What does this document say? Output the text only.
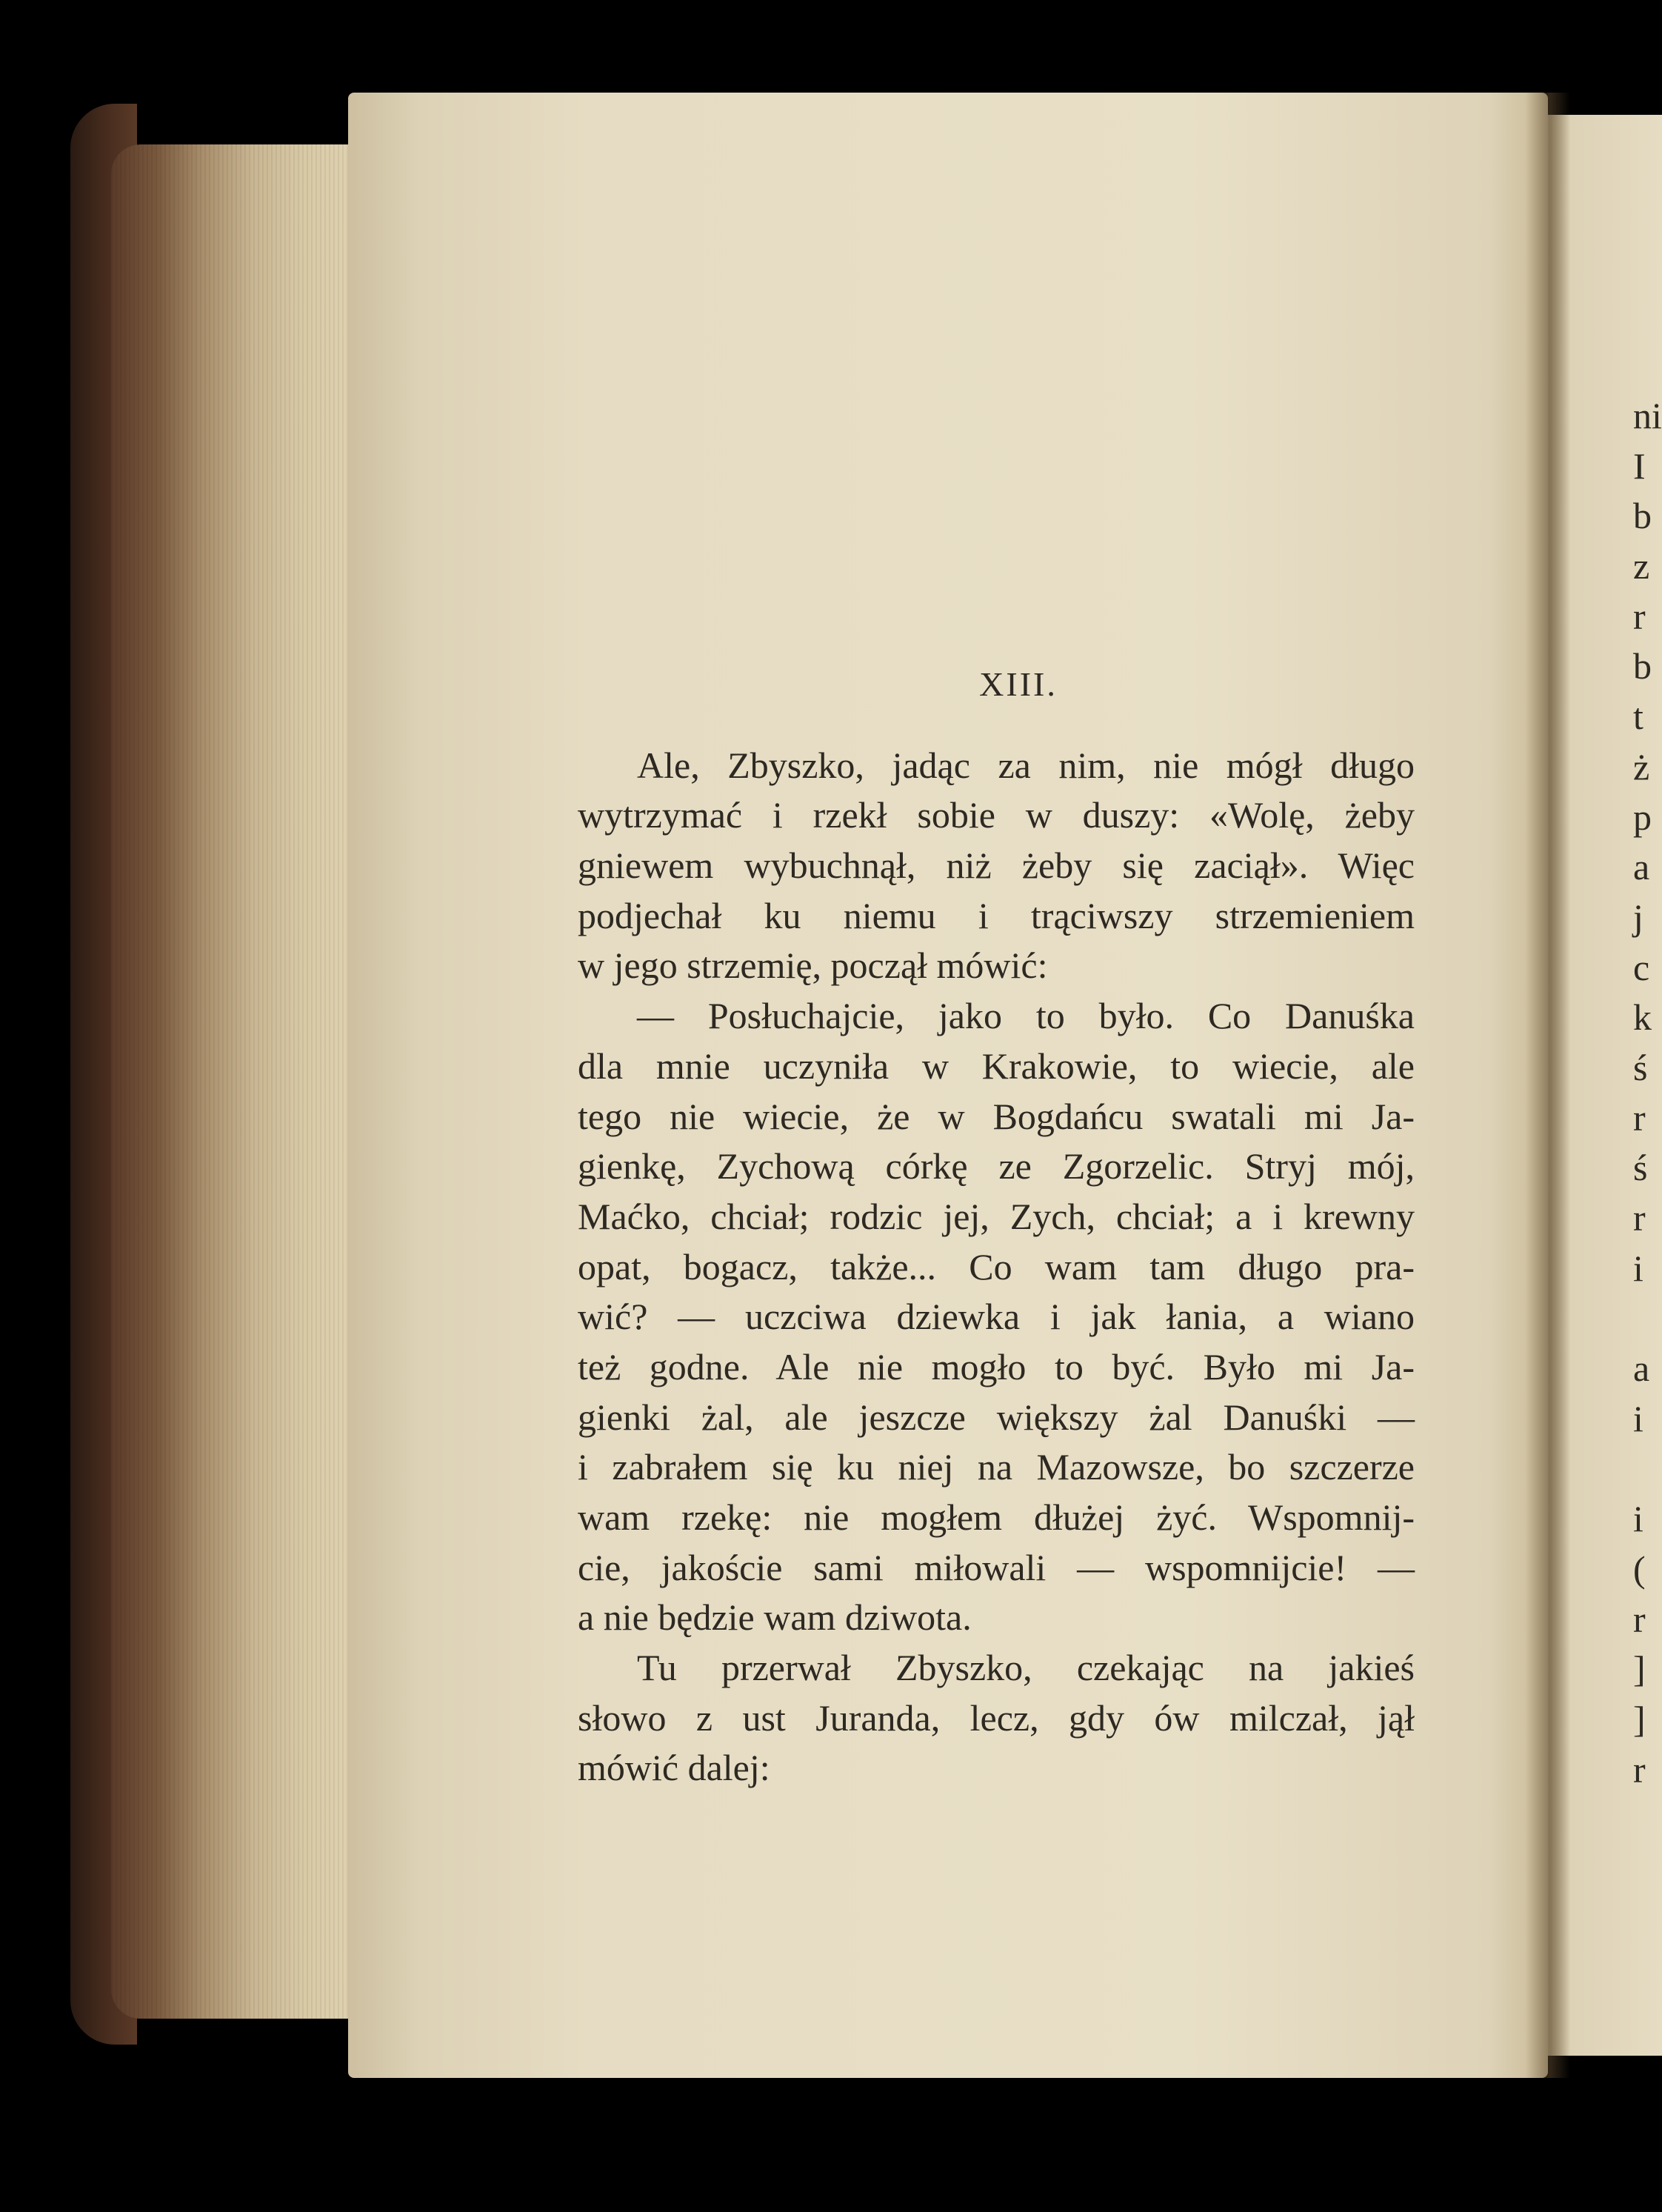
XIII.
Ale, Zbyszko, jadąc za nim, nie mógł długo
wytrzymać i rzekł sobie w duszy: «Wolę, żeby
gniewem wybuchnął, niż żeby się zaciął». Więc
podjechał ku niemu i trąciwszy strzemieniem
w jego strzemię, począł mówić:
— Posłuchajcie, jako to było. Co Danuśka
dla mnie uczyniła w Krakowie, to wiecie, ale
tego nie wiecie, że w Bogdańcu swatali mi Ja-
gienkę, Zychową córkę ze Zgorzelic. Stryj mój,
Maćko, chciał; rodzic jej, Zych, chciał; a i krewny
opat, bogacz, także... Co wam tam długo pra-
wić? — uczciwa dziewka i jak łania, a wiano
też godne. Ale nie mogło to być. Było mi Ja-
gienki żal, ale jeszcze większy żal Danuśki —
i zabrałem się ku niej na Mazowsze, bo szczerze
wam rzekę: nie mogłem dłużej żyć. Wspomnij-
cie, jakoście sami miłowali — wspomnijcie! —
a nie będzie wam dziwota.
Tu przerwał Zbyszko, czekając na jakieś
słowo z ust Juranda, lecz, gdy ów milczał, jął
mówić dalej:
ni
I
b
z
r
b
t
ż
p
a
j
c
k
ś
r
ś
r
i
a
i
i
(
r
]
]
r
